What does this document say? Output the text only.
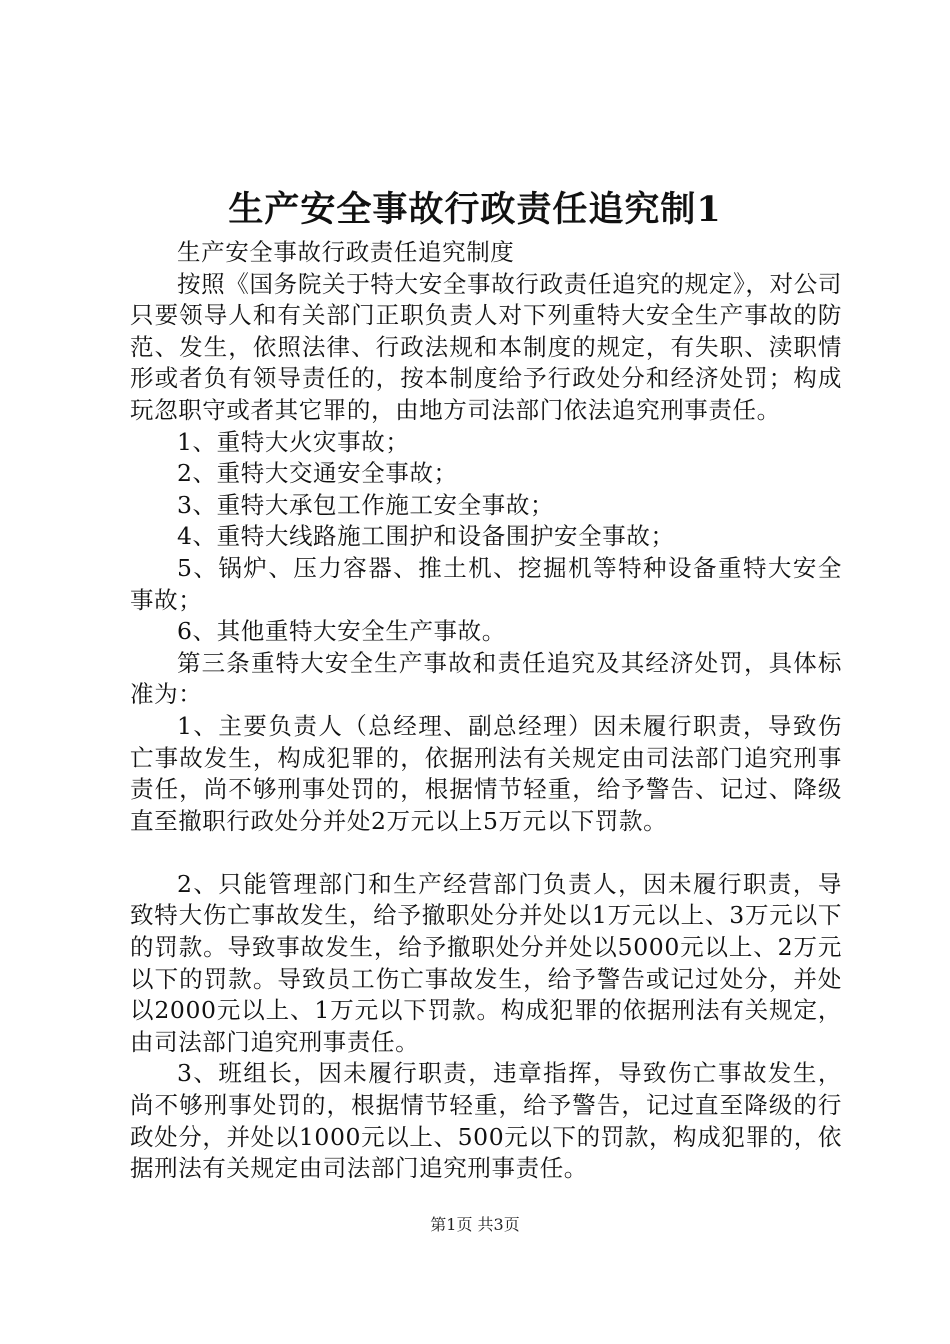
生产安全事故行政责任追究制1

生产安全事故行政责任追究制度

按照《国务院关于特大安全事故行政责任追究的规定》，对公司只要领导人和有关部门正职负责人对下列重特大安全生产事故的防范、发生，依照法律、行政法规和本制度的规定，有失职、渎职情形或者负有领导责任的，按本制度给予行政处分和经济处罚；构成玩忽职守或者其它罪的，由地方司法部门依法追究刑事责任。

1、重特大火灾事故；

2、重特大交通安全事故；

3、重特大承包工作施工安全事故；

4、重特大线路施工围护和设备围护安全事故；

5、锅炉、压力容器、推土机、挖掘机等特种设备重特大安全事故；

6、其他重特大安全生产事故。

第三条重特大安全生产事故和责任追究及其经济处罚，具体标准为：

1、主要负责人（总经理、副总经理）因未履行职责，导致伤亡事故发生，构成犯罪的，依据刑法有关规定由司法部门追究刑事责任，尚不够刑事处罚的，根据情节轻重，给予警告、记过、降级直至撤职行政处分并处2万元以上5万元以下罚款。

2、只能管理部门和生产经营部门负责人，因未履行职责，导致特大伤亡事故发生，给予撤职处分并处以1万元以上、3万元以下的罚款。导致事故发生，给予撤职处分并处以5000元以上、2万元以下的罚款。导致员工伤亡事故发生，给予警告或记过处分，并处以2000元以上、1万元以下罚款。构成犯罪的依据刑法有关规定，由司法部门追究刑事责任。

3、班组长，因未履行职责，违章指挥，导致伤亡事故发生，尚不够刑事处罚的，根据情节轻重，给予警告，记过直至降级的行政处分，并处以1000元以上、500元以下的罚款，构成犯罪的，依据刑法有关规定由司法部门追究刑事责任。

第1页 共3页
